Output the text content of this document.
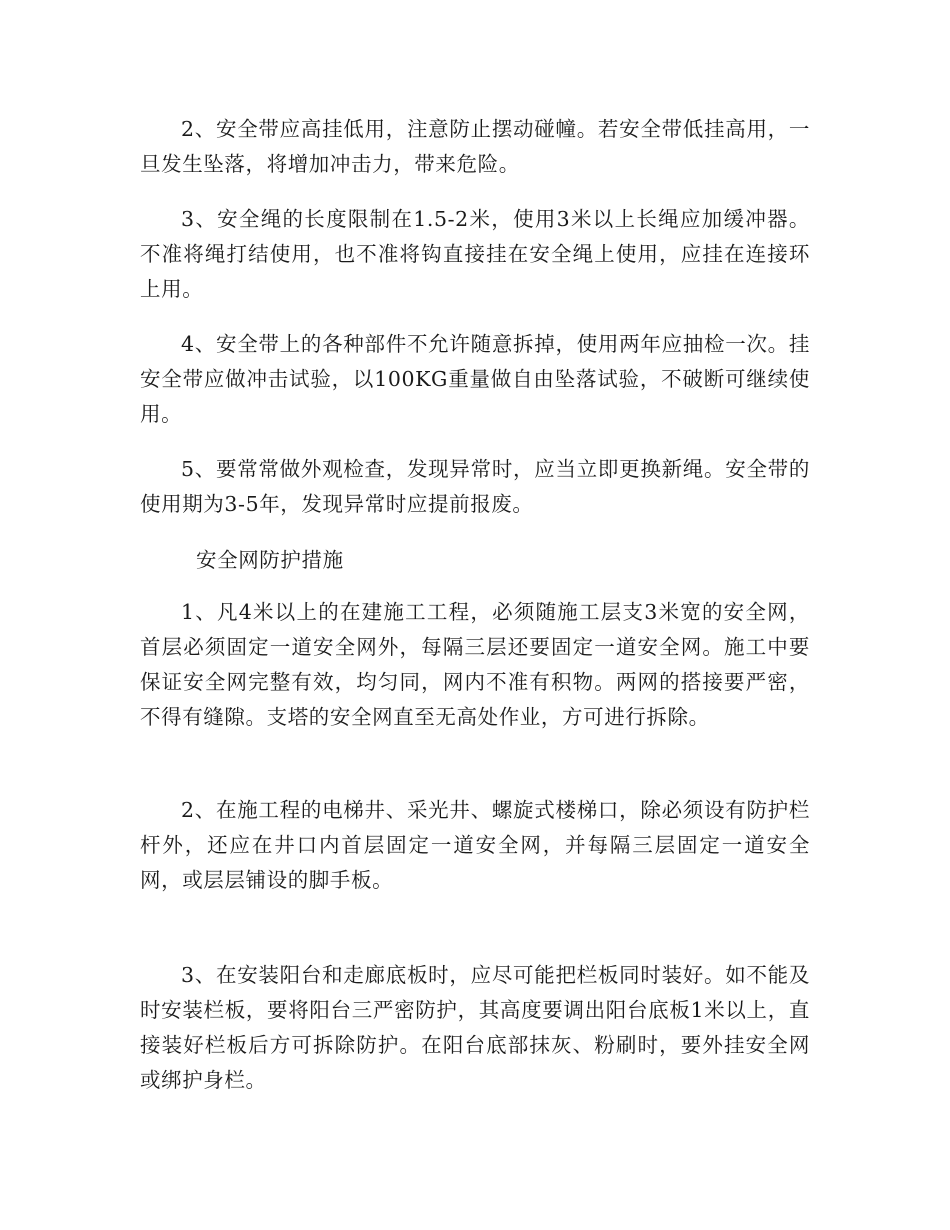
2、安全带应高挂低用，注意防止摆动碰幢。若安全带低挂高用，一旦发生坠落，将增加冲击力，带来危险。

3、安全绳的长度限制在1.5-2米，使用3米以上长绳应加缓冲器。不准将绳打结使用，也不准将钩直接挂在安全绳上使用，应挂在连接环上用。

4、安全带上的各种部件不允许随意拆掉，使用两年应抽检一次。挂安全带应做冲击试验，以100KG重量做自由坠落试验，不破断可继续使用。

5、要常常做外观检查，发现异常时，应当立即更换新绳。安全带的使用期为3-5年，发现异常时应提前报废。

安全网防护措施

1、凡4米以上的在建施工工程，必须随施工层支3米宽的安全网，首层必须固定一道安全网外，每隔三层还要固定一道安全网。施工中要保证安全网完整有效，均匀同，网内不准有积物。两网的搭接要严密，不得有缝隙。支塔的安全网直至无高处作业，方可进行拆除。

2、在施工程的电梯井、采光井、螺旋式楼梯口，除必须设有防护栏杆外，还应在井口内首层固定一道安全网，并每隔三层固定一道安全网，或层层铺设的脚手板。

3、在安装阳台和走廊底板时，应尽可能把栏板同时装好。如不能及时安装栏板，要将阳台三严密防护，其高度要调出阳台底板1米以上，直接装好栏板后方可拆除防护。在阳台底部抹灰、粉刷时，要外挂安全网或绑护身栏。
